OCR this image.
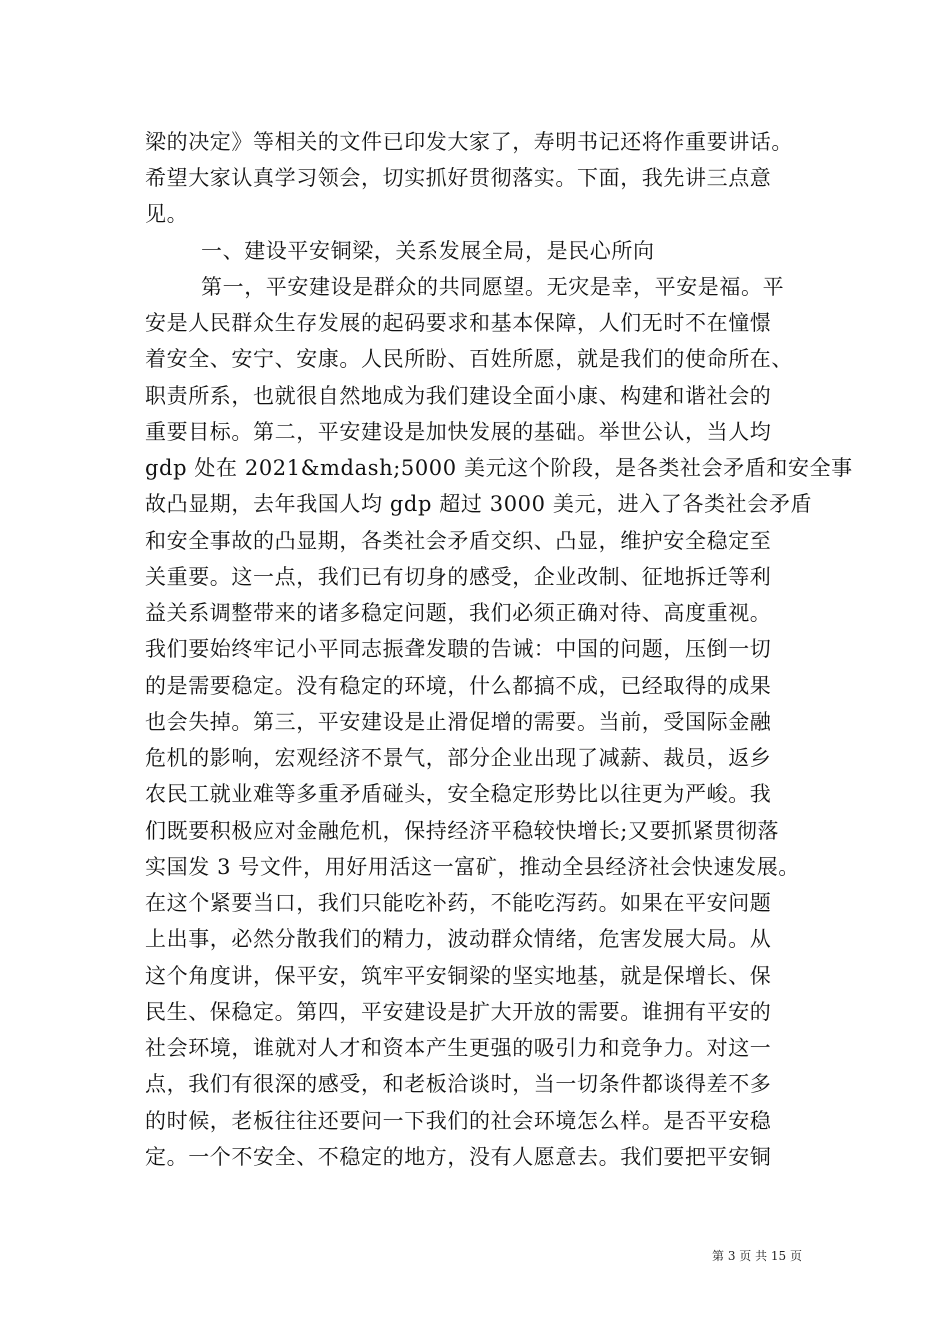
梁的决定》等相关的文件已印发大家了，寿明书记还将作重要讲话。
希望大家认真学习领会，切实抓好贯彻落实。下面，我先讲三点意
见。
一、建设平安铜梁，关系发展全局，是民心所向
第一，平安建设是群众的共同愿望。无灾是幸，平安是福。平
安是人民群众生存发展的起码要求和基本保障，人们无时不在憧憬
着安全、安宁、安康。人民所盼、百姓所愿，就是我们的使命所在、
职责所系，也就很自然地成为我们建设全面小康、构建和谐社会的
重要目标。第二，平安建设是加快发展的基础。举世公认，当人均
gdp 处在 2021&mdash;5000 美元这个阶段，是各类社会矛盾和安全事
故凸显期，去年我国人均 gdp 超过 3000 美元，进入了各类社会矛盾
和安全事故的凸显期，各类社会矛盾交织、凸显，维护安全稳定至
关重要。这一点，我们已有切身的感受，企业改制、征地拆迁等利
益关系调整带来的诸多稳定问题，我们必须正确对待、高度重视。
我们要始终牢记小平同志振聋发聩的告诫：中国的问题，压倒一切
的是需要稳定。没有稳定的环境，什么都搞不成，已经取得的成果
也会失掉。第三，平安建设是止滑促增的需要。当前，受国际金融
危机的影响，宏观经济不景气，部分企业出现了减薪、裁员，返乡
农民工就业难等多重矛盾碰头，安全稳定形势比以往更为严峻。我
们既要积极应对金融危机，保持经济平稳较快增长;又要抓紧贯彻落
实国发 3 号文件，用好用活这一富矿，推动全县经济社会快速发展。
在这个紧要当口，我们只能吃补药，不能吃泻药。如果在平安问题
上出事，必然分散我们的精力，波动群众情绪，危害发展大局。从
这个角度讲，保平安，筑牢平安铜梁的坚实地基，就是保增长、保
民生、保稳定。第四，平安建设是扩大开放的需要。谁拥有平安的
社会环境，谁就对人才和资本产生更强的吸引力和竞争力。对这一
点，我们有很深的感受，和老板洽谈时，当一切条件都谈得差不多
的时候，老板往往还要问一下我们的社会环境怎么样。是否平安稳
定。一个不安全、不稳定的地方，没有人愿意去。我们要把平安铜
第 3 页 共 15 页
